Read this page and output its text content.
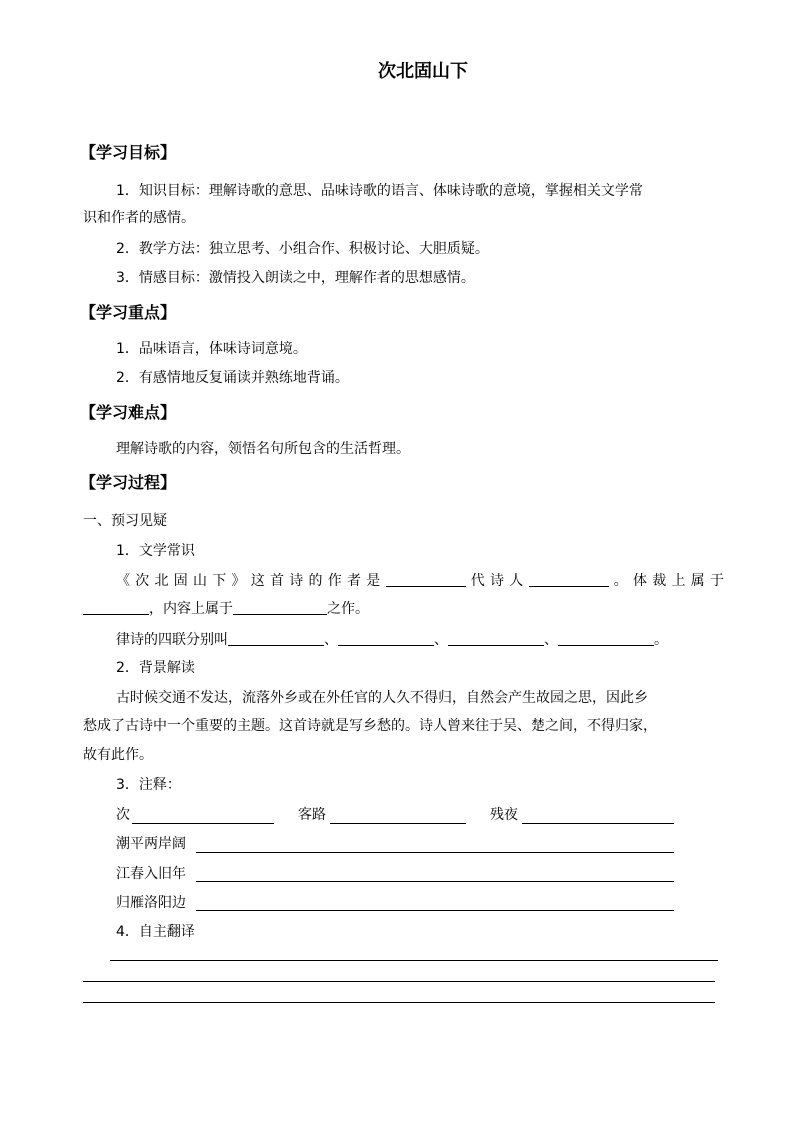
次北固山下
【学习目标】
1．知识目标：理解诗歌的意思、品味诗歌的语言、体味诗歌的意境，掌握相关文学常
识和作者的感情。
2．教学方法：独立思考、小组合作、积极讨论、大胆质疑。
3．情感目标：激情投入朗读之中，理解作者的思想感情。
【学习重点】
1．品味语言，体味诗词意境。
2．有感情地反复诵读并熟练地背诵。
【学习难点】
理解诗歌的内容，领悟名句所包含的生活哲理。
【学习过程】
一、预习见疑
1．文学常识
《次北固山下》这首诗的作者是	代诗人	。体裁上属于
，内容上属于	之作。
律诗的四联分别叫	、	、	、	。
2．背景解读
古时候交通不发达，流落外乡或在外任官的人久不得归，自然会产生故园之思，因此乡
愁成了古诗中一个重要的主题。这首诗就是写乡愁的。诗人曾来往于吴、楚之间，不得归家，
故有此作。
3．注释：
次	客路	残夜
潮平两岸阔
江春入旧年
归雁洛阳边
4．自主翻译
